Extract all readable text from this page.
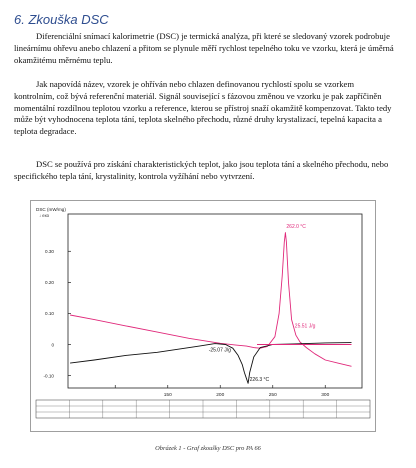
6. Zkouška DSC
Diferenciální snímací kalorimetrie (DSC) je termická analýza, při které se sledovaný vzorek podrobuje lineárnímu ohřevu anebo chlazení a přitom se plynule měří rychlost tepelného toku ve vzorku, která je úměrná okamžitému měrnému teplu.
Jak napovídá název, vzorek je ohříván nebo chlazen definovanou rychlostí spolu se vzorkem kontrolním, což bývá referenční materiál. Signál související s fázovou změnou ve vzorku je pak zapříčiněn momentální rozdílnou teplotou vzorku a reference, kterou se přístroj snaží okamžitě kompenzovat. Takto tedy může být vyhodnocena teplota tání, teplota skelného přechodu, různé druhy krystalizací, tepelná kapacita a teplota degradace.
DSC se používá pro získání charakteristických teplot, jako jsou teplota tání a skelného přechodu, nebo specifického tepla tání, krystalinity, kontrola vyžíhání nebo vytvrzení.
-0.10
0
0.10
0.20
0.30
150	200	250	300
DSC (mW/mg)
↓ exo
262.0 °C
25.51 J/g
-25.07 J/g
226.3 °C
Obrázek 1 - Graf zkoušky DSC pro PA 66
